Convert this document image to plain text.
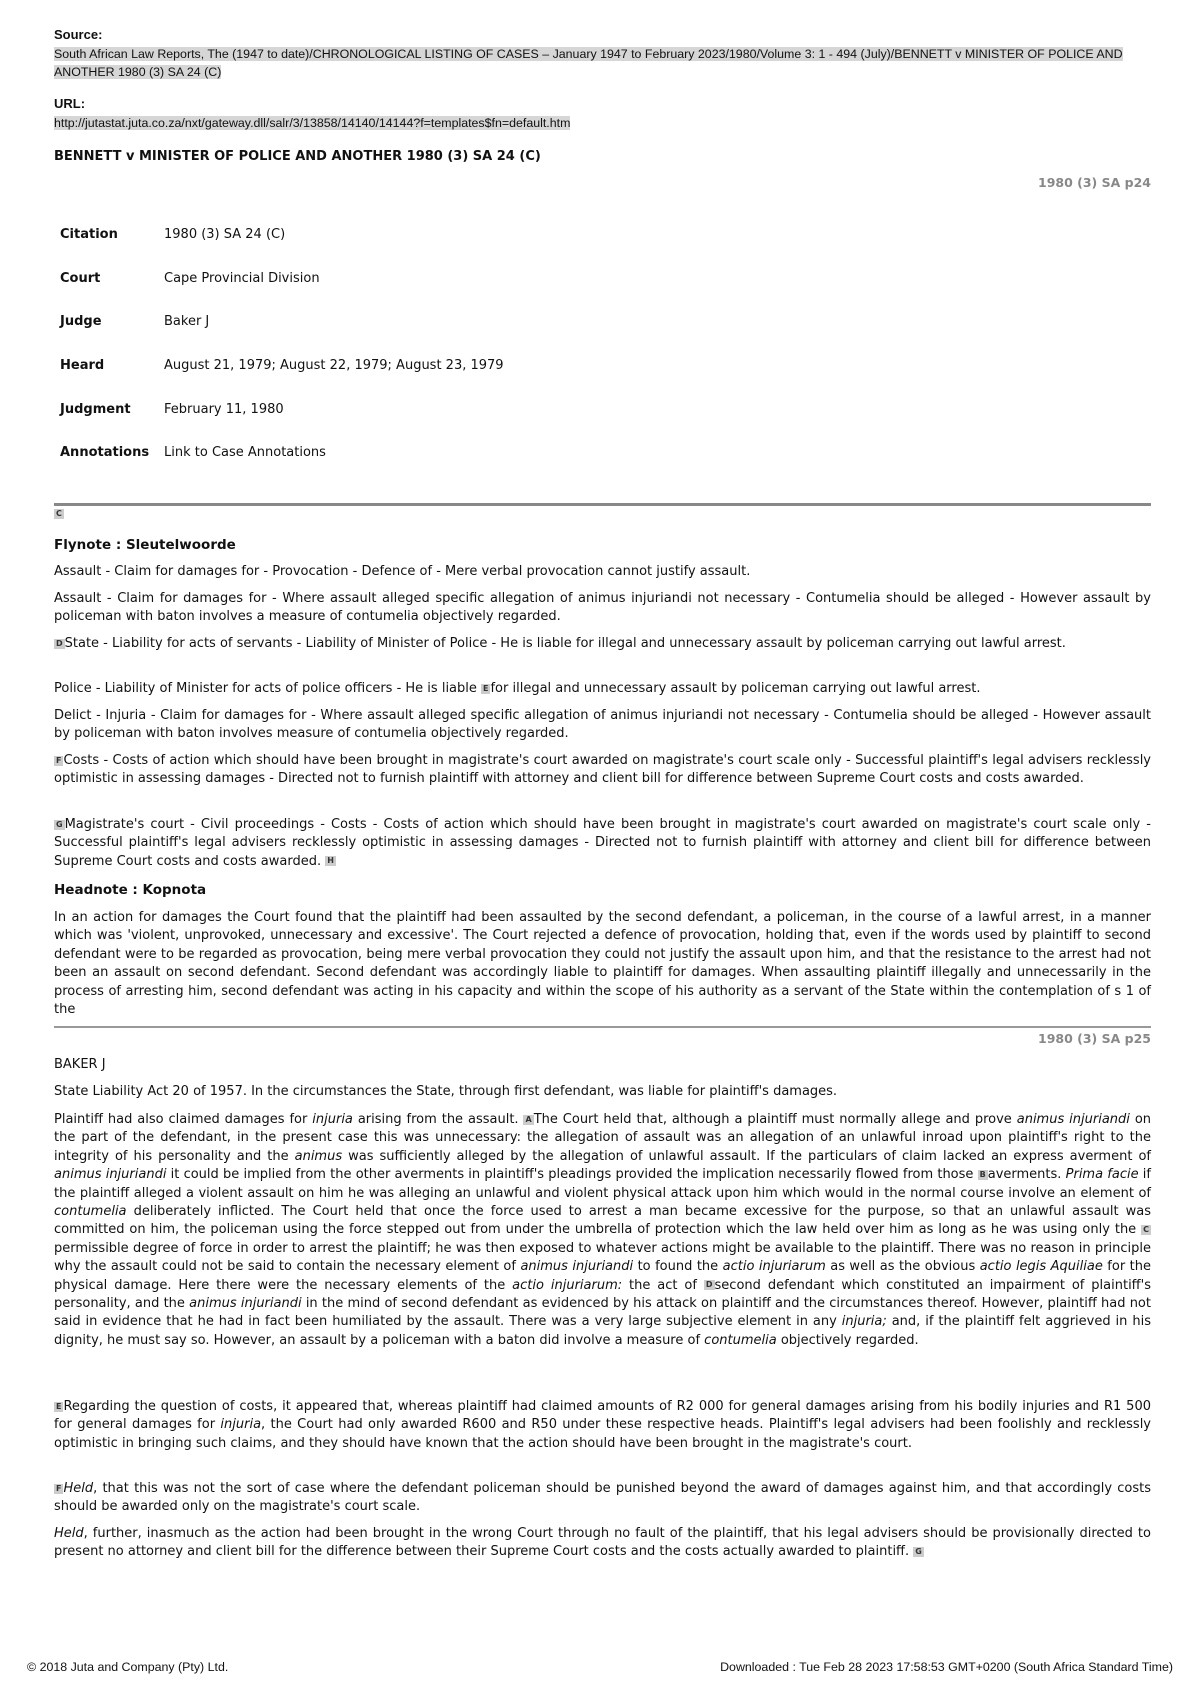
Source:
South African Law Reports, The (1947 to date)/CHRONOLOGICAL LISTING OF CASES – January 1947 to February 2023/1980/Volume 3: 1 - 494 (July)/BENNETT v MINISTER OF POLICE AND ANOTHER 1980 (3) SA 24 (C)
URL:
http://jutastat.juta.co.za/nxt/gateway.dll/salr/3/13858/14140/14144?f=templates$fn=default.htm
BENNETT v MINISTER OF POLICE AND ANOTHER 1980 (3) SA 24 (C)
1980 (3) SA p24
Citation	1980 (3) SA 24 (C)
Court	Cape Provincial Division
Judge	Baker J
Heard	August 21, 1979; August 22, 1979; August 23, 1979
Judgment	February 11, 1980
Annotations	Link to Case Annotations
C
Flynote : Sleutelwoorde

Assault - Claim for damages for - Provocation - Defence of - Mere verbal provocation cannot justify assault.

Assault - Claim for damages for - Where assault alleged specific allegation of animus injuriandi not necessary - Contumelia should be alleged - However assault by policeman with baton involves a measure of contumelia objectively regarded.

D State - Liability for acts of servants - Liability of Minister of Police - He is liable for illegal and unnecessary assault by policeman carrying out lawful arrest.

Police - Liability of Minister for acts of police officers - He is liable E for illegal and unnecessary assault by policeman carrying out lawful arrest.

Delict - Injuria - Claim for damages for - Where assault alleged specific allegation of animus injuriandi not necessary - Contumelia should be alleged - However assault by policeman with baton involves measure of contumelia objectively regarded.

F Costs - Costs of action which should have been brought in magistrate's court awarded on magistrate's court scale only - Successful plaintiff's legal advisers recklessly optimistic in assessing damages - Directed not to furnish plaintiff with attorney and client bill for difference between Supreme Court costs and costs awarded.

G Magistrate's court - Civil proceedings - Costs - Costs of action which should have been brought in magistrate's court awarded on magistrate's court scale only - Successful plaintiff's legal advisers recklessly optimistic in assessing damages - Directed not to furnish plaintiff with attorney and client bill for difference between Supreme Court costs and costs awarded. H

Headnote : Kopnota

In an action for damages the Court found that the plaintiff had been assaulted by the second defendant, a policeman, in the course of a lawful arrest, in a manner which was 'violent, unprovoked, unnecessary and excessive'. The Court rejected a defence of provocation, holding that, even if the words used by plaintiff to second defendant were to be regarded as provocation, being mere verbal provocation they could not justify the assault upon him, and that the resistance to the arrest had not been an assault on second defendant. Second defendant was accordingly liable to plaintiff for damages. When assaulting plaintiff illegally and unnecessarily in the process of arresting him, second defendant was acting in his capacity and within the scope of his authority as a servant of the State within the contemplation of s 1 of the

1980 (3) SA p25
BAKER J

State Liability Act 20 of 1957. In the circumstances the State, through first defendant, was liable for plaintiff's damages.

Plaintiff had also claimed damages for injuria arising from the assault. A The Court held that, although a plaintiff must normally allege and prove animus injuriandi on the part of the defendant, in the present case this was unnecessary: the allegation of assault was an allegation of an unlawful inroad upon plaintiff's right to the integrity of his personality and the animus was sufficiently alleged by the allegation of unlawful assault. If the particulars of claim lacked an express averment of animus injuriandi it could be implied from the other averments in plaintiff's pleadings provided the implication necessarily flowed from those B averments. Prima facie if the plaintiff alleged a violent assault on him he was alleging an unlawful and violent physical attack upon him which would in the normal course involve an element of contumelia deliberately inflicted. The Court held that once the force used to arrest a man became excessive for the purpose, so that an unlawful assault was committed on him, the policeman using the force stepped out from under the umbrella of protection which the law held over him as long as he was using only the Cpermissible degree of force in order to arrest the plaintiff; he was then exposed to whatever actions might be available to the plaintiff. There was no reason in principle why the assault could not be said to contain the necessary element of animus injuriandi to found the actio injuriarum as well as the obvious actio legis Aquiliae for the physical damage. Here there were the necessary elements of the actio injuriarum: the act of D second defendant which constituted an impairment of plaintiff's personality, and the animus injuriandi in the mind of second defendant as evidenced by his attack on plaintiff and the circumstances thereof. However, plaintiff had not said in evidence that he had in fact been humiliated by the assault. There was a very large subjective element in any injuria; and, if the plaintiff felt aggrieved in his dignity, he must say so. However, an assault by a policeman with a baton did involve a measure of contumelia objectively regarded.

E Regarding the question of costs, it appeared that, whereas plaintiff had claimed amounts of R2 000 for general damages arising from his bodily injuries and R1 500 for general damages for injuria, the Court had only awarded R600 and R50 under these respective heads. Plaintiff's legal advisers had been foolishly and recklessly optimistic in bringing such claims, and they should have known that the action should have been brought in the magistrate's court.

F Held, that this was not the sort of case where the defendant policeman should be punished beyond the award of damages against him, and that accordingly costs should be awarded only on the magistrate's court scale.

Held, further, inasmuch as the action had been brought in the wrong Court through no fault of the plaintiff, that his legal advisers should be provisionally directed to present no attorney and client bill for the difference between their Supreme Court costs and the costs actually awarded to plaintiff. G

© 2018 Juta and Company (Pty) Ltd.	Downloaded : Tue Feb 28 2023 17:58:53 GMT+0200 (South Africa Standard Time)
